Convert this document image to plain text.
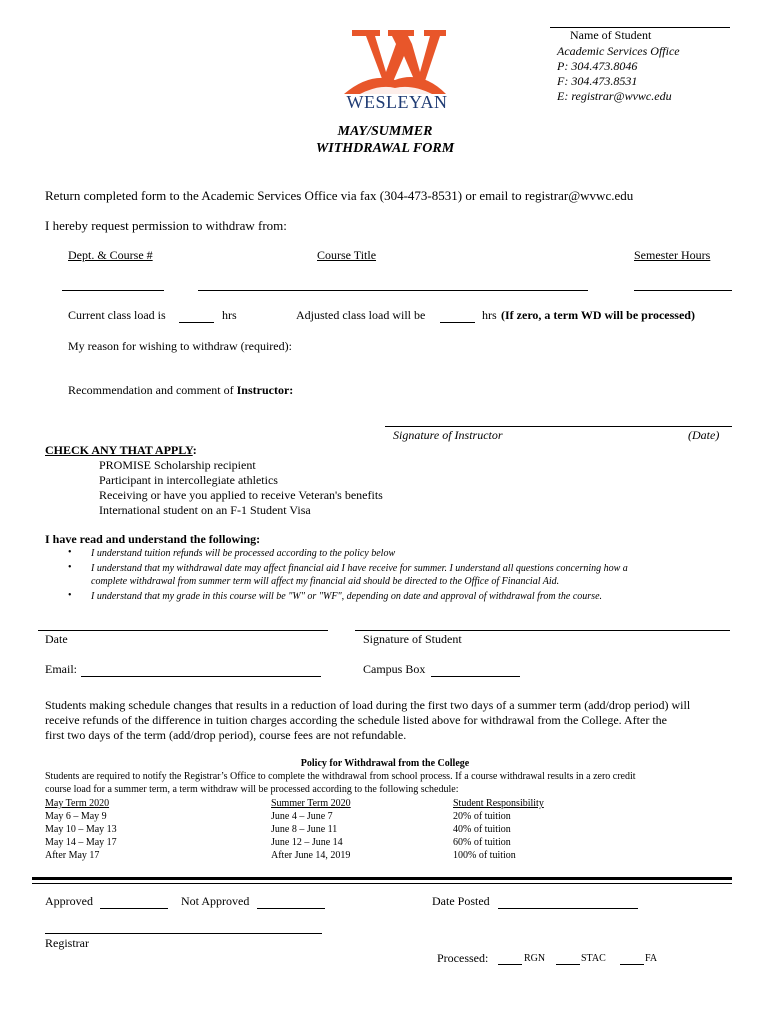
WESLEYAN
Name of Student
Academic Services Office
P: 304.473.8046
F: 304.473.8531
E: registrar@wvwc.edu
MAY/SUMMER
WITHDRAWAL FORM
Return completed form to the Academic Services Office via fax (304-473-8531) or email to registrar@wvwc.edu
I hereby request permission to withdraw from:
Dept. & Course #	Course Title	Semester Hours
Current class load is	hrs	Adjusted class load will be	hrs (If zero, a term WD will be processed)
My reason for wishing to withdraw (required):
Recommendation and comment of Instructor:
Signature of Instructor	(Date)
CHECK ANY THAT APPLY:
PROMISE Scholarship recipient
Participant in intercollegiate athletics
Receiving or have you applied to receive Veteran's benefits
International student on an F-1 Student Visa
I have read and understand the following:
• I understand tuition refunds will be processed according to the policy below
• I understand that my withdrawal date may affect financial aid I have receive for summer. I understand all questions concerning how a
complete withdrawal from summer term will affect my financial aid should be directed to the Office of Financial Aid.
• I understand that my grade in this course will be "W" or "WF", depending on date and approval of withdrawal from the course.
Date	Signature of Student
Email:	Campus Box
Students making schedule changes that results in a reduction of load during the first two days of a summer term (add/drop period) will
receive refunds of the difference in tuition charges according the schedule listed above for withdrawal from the College. After the
first two days of the term (add/drop period), course fees are not refundable.
Policy for Withdrawal from the College
Students are required to notify the Registrar’s Office to complete the withdrawal from school process. If a course withdrawal results in a zero credit
course load for a summer term, a term withdraw will be processed according to the following schedule:
May Term 2020	Summer Term 2020	Student Responsibility
May 6 – May 9	June 4 – June 7	20% of tuition
May 10 – May 13	June 8 – June 11	40% of tuition
May 14 – May 17	June 12 – June 14	60% of tuition
After May 17	After June 14, 2019	100% of tuition
Approved	Not Approved	Date Posted
Registrar
Processed:	RGN	STAC	FA
